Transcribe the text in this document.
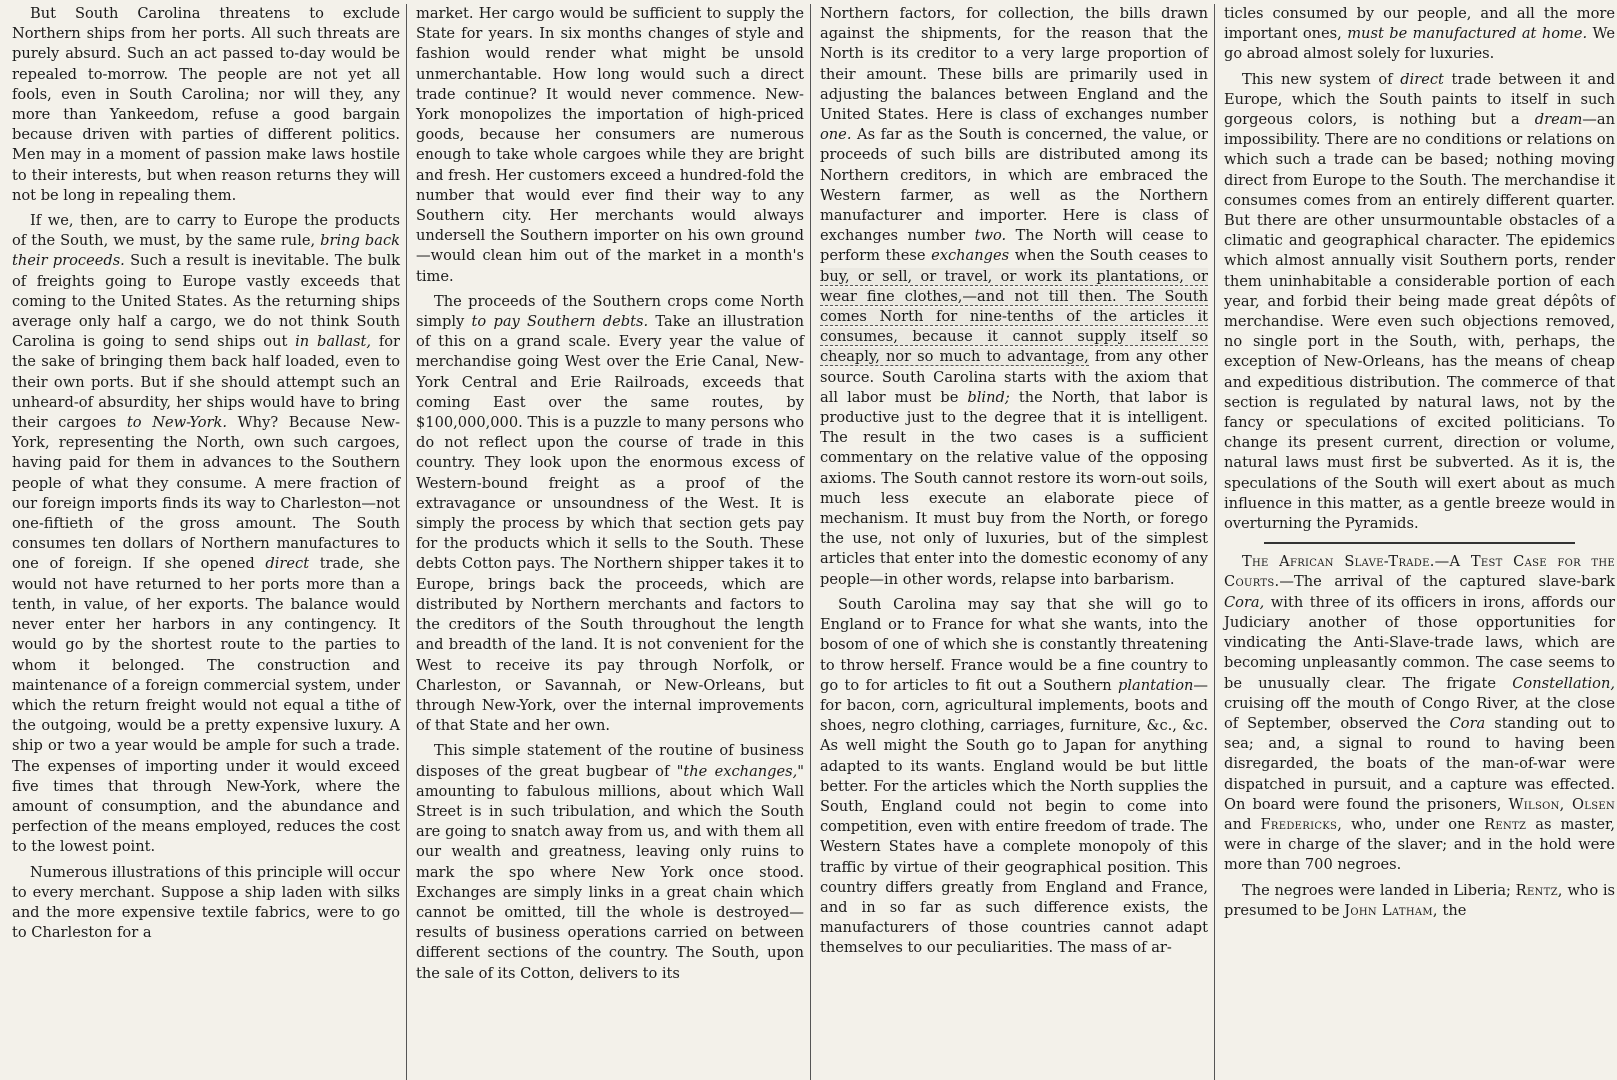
But South Carolina threatens to exclude Northern ships from her ports. All such threats are purely absurd. Such an act passed to-day would be repealed to-morrow. The people are not yet all fools, even in South Carolina; nor will they, any more than Yankeedom, refuse a good bargain because driven with parties of different politics. Men may in a moment of passion make laws hostile to their interests, but when reason returns they will not be long in repealing them.

If we, then, are to carry to Europe the products of the South, we must, by the same rule, bring back their proceeds. Such a result is inevitable. The bulk of freights going to Europe vastly exceeds that coming to the United States. As the returning ships average only half a cargo, we do not think South Carolina is going to send ships out in ballast, for the sake of bringing them back half loaded, even to their own ports. But if she should attempt such an unheard-of absurdity, her ships would have to bring their cargoes to New-York. Why? Because New-York, representing the North, own such cargoes, having paid for them in advances to the Southern people of what they consume. A mere fraction of our foreign imports finds its way to Charleston—not one-fiftieth of the gross amount. The South consumes ten dollars of Northern manufactures to one of foreign. If she opened direct trade, she would not have returned to her ports more than a tenth, in value, of her exports. The balance would never enter her harbors in any contingency. It would go by the shortest route to the parties to whom it belonged. The construction and maintenance of a foreign commercial system, under which the return freight would not equal a tithe of the outgoing, would be a pretty expensive luxury. A ship or two a year would be ample for such a trade. The expenses of importing under it would exceed five times that through New-York, where the amount of consumption, and the abundance and perfection of the means employed, reduces the cost to the lowest point.

Numerous illustrations of this principle will occur to every merchant. Suppose a ship laden with silks and the more expensive textile fabrics, were to go to Charleston for a

market. Her cargo would be sufficient to supply the State for years. In six months changes of style and fashion would render what might be unsold unmerchantable. How long would such a direct trade continue? It would never commence. New-York monopolizes the importation of high-priced goods, because her consumers are numerous enough to take whole cargoes while they are bright and fresh. Her customers exceed a hundred-fold the number that would ever find their way to any Southern city. Her merchants would always undersell the Southern importer on his own ground—would clean him out of the market in a month's time.

The proceeds of the Southern crops come North simply to pay Southern debts. Take an illustration of this on a grand scale. Every year the value of merchandise going West over the Erie Canal, New-York Central and Erie Railroads, exceeds that coming East over the same routes, by $100,000,000. This is a puzzle to many persons who do not reflect upon the course of trade in this country. They look upon the enormous excess of Western-bound freight as a proof of the extravagance or unsoundness of the West. It is simply the process by which that section gets pay for the products which it sells to the South. These debts Cotton pays. The Northern shipper takes it to Europe, brings back the proceeds, which are distributed by Northern merchants and factors to the creditors of the South throughout the length and breadth of the land. It is not convenient for the West to receive its pay through Norfolk, or Charleston, or Savannah, or New-Orleans, but through New-York, over the internal improvements of that State and her own.

This simple statement of the routine of business disposes of the great bugbear of "the exchanges," amounting to fabulous millions, about which Wall Street is in such tribulation, and which the South are going to snatch away from us, and with them all our wealth and greatness, leaving only ruins to mark the spo where New York once stood. Exchanges are simply links in a great chain which cannot be omitted, till the whole is destroyed—results of business operations carried on between different sections of the country. The South, upon the sale of its Cotton, delivers to its

Northern factors, for collection, the bills drawn against the shipments, for the reason that the North is its creditor to a very large proportion of their amount. These bills are primarily used in adjusting the balances between England and the United States. Here is class of exchanges number one. As far as the South is concerned, the value, or proceeds of such bills are distributed among its Northern creditors, in which are embraced the Western farmer, as well as the Northern manufacturer and importer. Here is class of exchanges number two. The North will cease to perform these exchanges when the South ceases to buy, or sell, or travel, or work its plantations, or wear fine clothes,—and not till then. The South comes North for nine-tenths of the articles it consumes, because it cannot supply itself so cheaply, nor so much to advantage, from any other source. South Carolina starts with the axiom that all labor must be blind; the North, that labor is productive just to the degree that it is intelligent. The result in the two cases is a sufficient commentary on the relative value of the opposing axioms. The South cannot restore its worn-out soils, much less execute an elaborate piece of mechanism. It must buy from the North, or forego the use, not only of luxuries, but of the simplest articles that enter into the domestic economy of any people—in other words, relapse into barbarism.

South Carolina may say that she will go to England or to France for what she wants, into the bosom of one of which she is constantly threatening to throw herself. France would be a fine country to go to for articles to fit out a Southern plantation—for bacon, corn, agricultural implements, boots and shoes, negro clothing, carriages, furniture, &c., &c. As well might the South go to Japan for anything adapted to its wants. England would be but little better. For the articles which the North supplies the South, England could not begin to come into competition, even with entire freedom of trade. The Western States have a complete monopoly of this traffic by virtue of their geographical position. This country differs greatly from England and France, and in so far as such difference exists, the manufacturers of those countries cannot adapt themselves to our peculiarities. The mass of ar-

ticles consumed by our people, and all the more important ones, must be manufactured at home. We go abroad almost solely for luxuries.

This new system of direct trade between it and Europe, which the South paints to itself in such gorgeous colors, is nothing but a dream—an impossibility. There are no conditions or relations on which such a trade can be based; nothing moving direct from Europe to the South. The merchandise it consumes comes from an entirely different quarter. But there are other unsurmountable obstacles of a climatic and geographical character. The epidemics which almost annually visit Southern ports, render them uninhabitable a considerable portion of each year, and forbid their being made great dépôts of merchandise. Were even such objections removed, no single port in the South, with, perhaps, the exception of New-Orleans, has the means of cheap and expeditious distribution. The commerce of that section is regulated by natural laws, not by the fancy or speculations of excited politicians. To change its present current, direction or volume, natural laws must first be subverted. As it is, the speculations of the South will exert about as much influence in this matter, as a gentle breeze would in overturning the Pyramids.

The African Slave-Trade.—A Test Case for the Courts.—The arrival of the captured slave-bark Cora, with three of its officers in irons, affords our Judiciary another of those opportunities for vindicating the Anti-Slave-trade laws, which are becoming unpleasantly common. The case seems to be unusually clear. The frigate Constellation, cruising off the mouth of Congo River, at the close of September, observed the Cora standing out to sea; and, a signal to round to having been disregarded, the boats of the man-of-war were dispatched in pursuit, and a capture was effected. On board were found the prisoners, Wilson, Olsen and Fredericks, who, under one Rentz as master, were in charge of the slaver; and in the hold were more than 700 negroes.

The negroes were landed in Liberia; Rentz, who is presumed to be John Latham, the
